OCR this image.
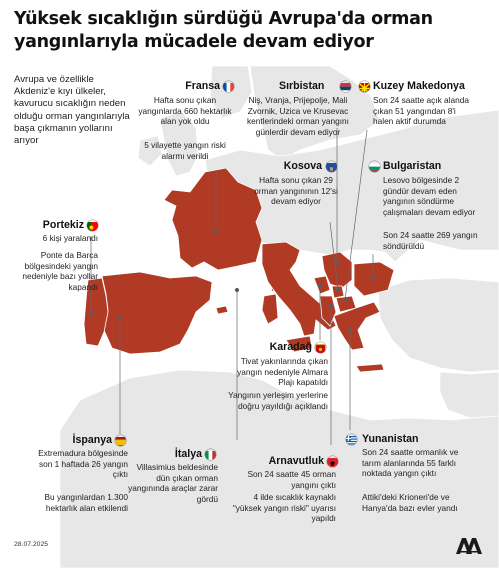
Yüksek sıcaklığın sürdüğü Avrupa'da orman yangınlarıyla mücadele devam ediyor
Avrupa ve özellikle Akdeniz'e kıyı ülkeler, kavurucu sıcaklığın neden olduğu orman yangınlarıyla başa çıkmanın yollarını arıyor
Fransa
Hafta sonu çıkan yangınlarda 660 hektarlık alan yok oldu
5 vilayette yangın riski alarmı verildi
Sırbistan
Niş, Vranja, Prijepolje, Mali Zvornik, Uzica ve Krusevac kentlerindeki orman yangını günlerdir devam ediyor
Kuzey Makedonya
Son 24 saatte açık alanda çıkan 51 yangından 8'i halen aktif durumda
Kosova
Hafta sonu çıkan 29 orman yangınının 12'si devam ediyor
Bulgaristan
Lesovo bölgesinde 2 gündür devam eden yangının söndürme çalışmaları devam ediyor
Son 24 saatte 269 yangın söndürüldü
Portekiz
6 kişi yaralandı
Ponte da Barca bölgesindeki yangın nedeniyle bazı yollar kapandı
Karadağ
Tivat yakınlarında çıkan yangın nedeniyle Almara Plajı kapatıldı
Yangının yerleşim yerlerine doğru yayıldığı açıklandı
İspanya
Extremadura bölgesinde son 1 haftada 26 yangın çıktı
Bu yangınlardan 1.300 hektarlık alan etkilendi
İtalya
Villasimius beldesinde dün çıkan orman yangınında araçlar zarar gördü
Arnavutluk
Son 24 saatte 45 orman yangını çıktı
4 ilde sıcaklık kaynaklı "yüksek yangın riski" uyarısı yapıldı
Yunanistan
Son 24 saatte ormanlık ve tarım alanlarında 55 farklı noktada yangın çıktı
Attiki'deki Krioneri'de ve Hanya'da bazı evler yandı
28.07.2025
